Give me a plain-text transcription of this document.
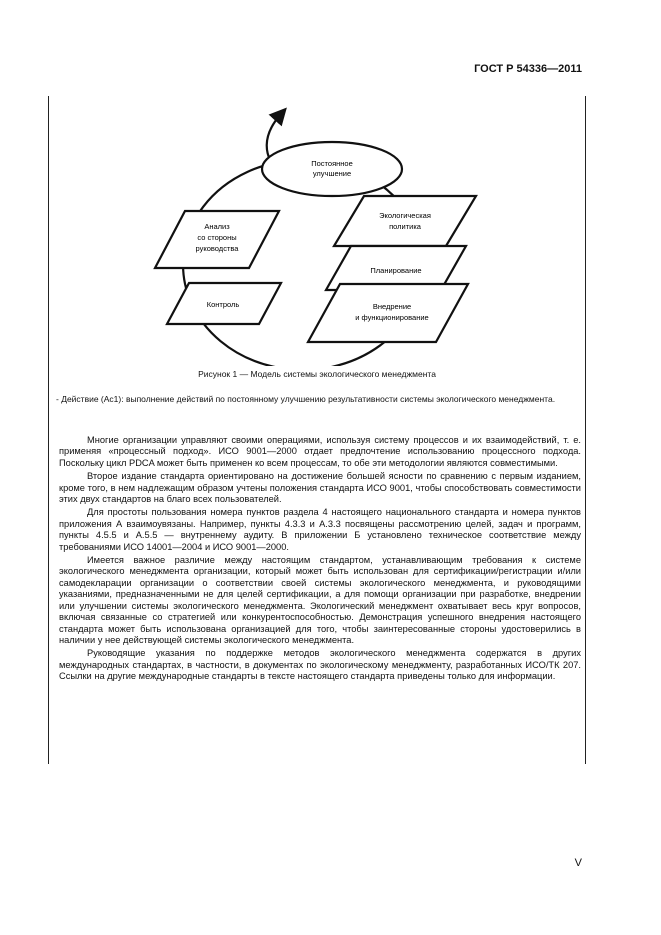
ГОСТ Р 54336—2011
Постоянное
улучшение
Анализ
со стороны
руководства
Контроль
Экологическая
политика
Планирование
Внедрение
и функционирование
Рисунок 1 — Модель системы экологического менеджмента
- Действие (Ac1): выполнение действий по постоянному улучшению результативности системы экологического менеджмента.

Многие организации управляют своими операциями, используя систему процессов и их взаимодействий, т. е. применяя «процессный подход». ИСО 9001—2000 отдает предпочтение использованию процессного подхода. Поскольку цикл PDCA может быть применен ко всем процессам, то обе эти методологии являются совместимыми.

Второе издание стандарта ориентировано на достижение большей ясности по сравнению с первым изданием, кроме того, в нем надлежащим образом учтены положения стандарта ИСО 9001, чтобы способствовать совместимости этих двух стандартов на благо всех пользователей.

Для простоты пользования номера пунктов раздела 4 настоящего национального стандарта и номера пунктов приложения А взаимоувязаны. Например, пункты 4.3.3 и А.3.3 посвящены рассмотрению целей, задач и программ, пункты 4.5.5 и А.5.5 — внутреннему аудиту. В приложении Б установлено техническое соответствие между требованиями ИСО 14001—2004 и ИСО 9001—2000.

Имеется важное различие между настоящим стандартом, устанавливающим требования к системе экологического менеджмента организации, который может быть использован для сертификации/регистрации и/или самодекларации организации о соответствии своей системы экологического менеджмента, и руководящими указаниями, предназначенными не для целей сертификации, а для помощи организации при разработке, внедрении или улучшении системы экологического менеджмента. Экологический менеджмент охватывает весь круг вопросов, включая связанные со стратегией или конкурентоспособностью. Демонстрация успешного внедрения настоящего стандарта может быть использована организацией для того, чтобы заинтересованные стороны удостоверились в наличии у нее действующей системы экологического менеджмента.

Руководящие указания по поддержке методов экологического менеджмента содержатся в других международных стандартах, в частности, в документах по экологическому менеджменту, разработанных ИСО/ТК 207. Ссылки на другие международные стандарты в тексте настоящего стандарта приведены только для информации.

V
